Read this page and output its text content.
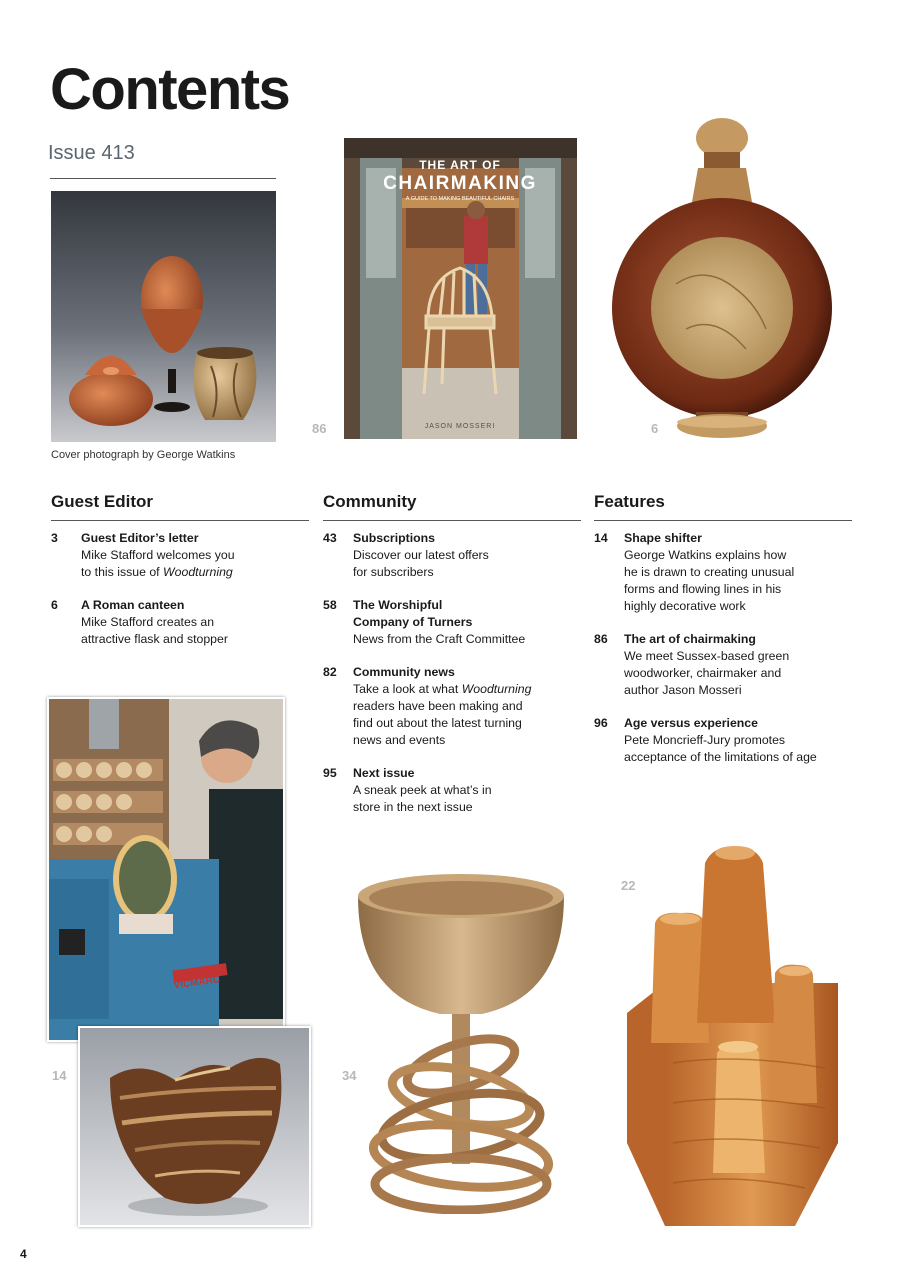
Contents
Issue 413
Cover photograph by George Watkins
THE ART OF
CHAIRMAKING
A GUIDE TO MAKING BEAUTIFUL CHAIRS
JASON MOSSERI
86	6
Guest Editor
3	Guest Editor’s letter
Mike Stafford welcomes you
to this issue of Woodturning
6	A Roman canteen
Mike Stafford creates an
attractive flask and stopper
Community
43	Subscriptions
Discover our latest offers
for subscribers
58	The Worshipful
Company of Turners
News from the Craft Committee
82	Community news
Take a look at what Woodturning
readers have been making and
find out about the latest turning
news and events
95	Next issue
A sneak peek at what’s in
store in the next issue
Features
14	Shape shifter
George Watkins explains how
he is drawn to creating unusual
forms and flowing lines in his
highly decorative work
86	The art of chairmaking
We meet Sussex-based green
woodworker, chairmaker and
author Jason Mosseri
96	Age versus experience
Pete Moncrieff-Jury promotes
acceptance of the limitations of age
VICMARC
14	34
22
4
